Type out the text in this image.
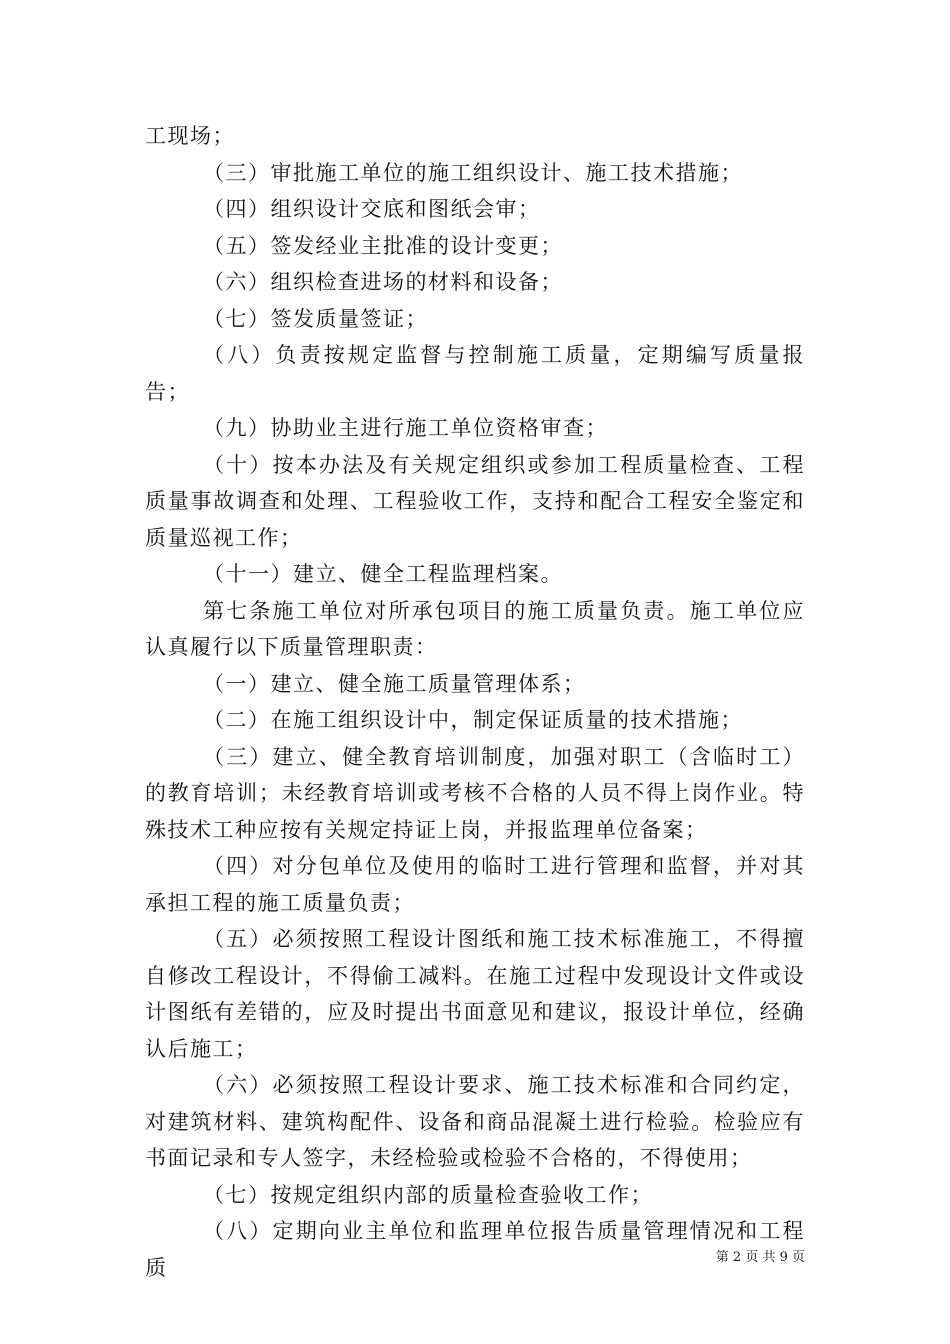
工现场；

（三）审批施工单位的施工组织设计、施工技术措施；

（四）组织设计交底和图纸会审；

（五）签发经业主批准的设计变更；

（六）组织检查进场的材料和设备；

（七）签发质量签证；

（八）负责按规定监督与控制施工质量，定期编写质量报告；

（九）协助业主进行施工单位资格审查；

（十）按本办法及有关规定组织或参加工程质量检查、工程质量事故调查和处理、工程验收工作，支持和配合工程安全鉴定和质量巡视工作；

（十一）建立、健全工程监理档案。

第七条施工单位对所承包项目的施工质量负责。施工单位应认真履行以下质量管理职责：

（一）建立、健全施工质量管理体系；

（二）在施工组织设计中，制定保证质量的技术措施；

（三）建立、健全教育培训制度，加强对职工（含临时工）的教育培训；未经教育培训或考核不合格的人员不得上岗作业。特殊技术工种应按有关规定持证上岗，并报监理单位备案；

（四）对分包单位及使用的临时工进行管理和监督，并对其承担工程的施工质量负责；

（五）必须按照工程设计图纸和施工技术标准施工，不得擅自修改工程设计，不得偷工减料。在施工过程中发现设计文件或设计图纸有差错的，应及时提出书面意见和建议，报设计单位，经确认后施工；

（六）必须按照工程设计要求、施工技术标准和合同约定，对建筑材料、建筑构配件、设备和商品混凝土进行检验。检验应有书面记录和专人签字，未经检验或检验不合格的，不得使用；

（七）按规定组织内部的质量检查验收工作；

（八）定期向业主单位和监理单位报告质量管理情况和工程质	第 2 页 共 9 页
